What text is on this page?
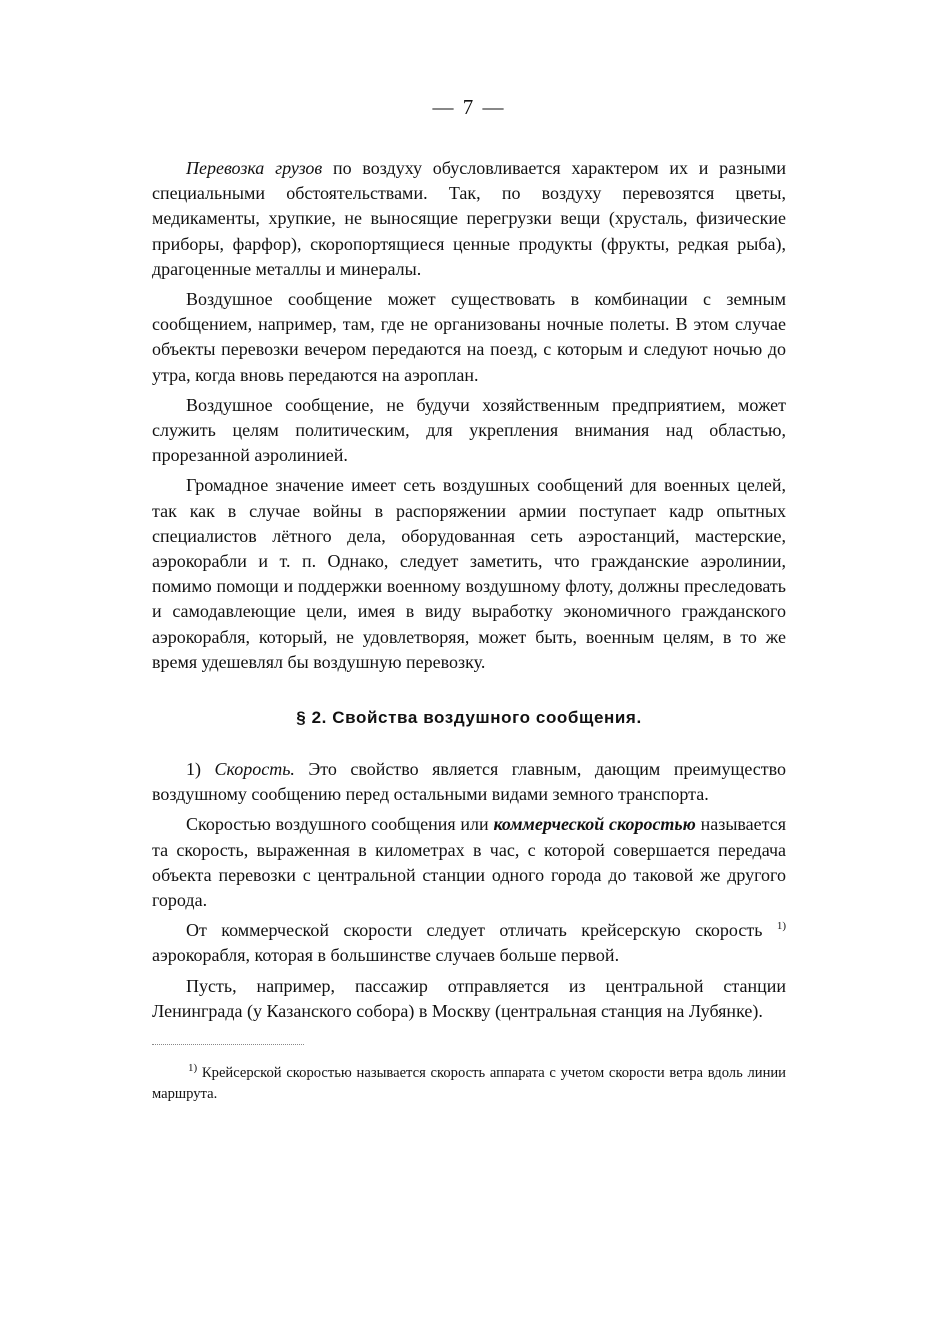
— 7 —

Перевозка грузов по воздуху обусловливается характером их и разными специальными обстоятельствами. Так, по воздуху перевозятся цветы, медикаменты, хрупкие, не выносящие перегрузки вещи (хрусталь, физические приборы, фарфор), скоропортящиеся ценные продукты (фрукты, редкая рыба), драгоценные металлы и минералы.

Воздушное сообщение может существовать в комбинации с земным сообщением, например, там, где не организованы ночные полеты. В этом случае объекты перевозки вечером передаются на поезд, с которым и следуют ночью до утра, когда вновь передаются на аэроплан.

Воздушное сообщение, не будучи хозяйственным предприятием, может служить целям политическим, для укрепления внимания над областью, прорезанной аэролинией.

Громадное значение имеет сеть воздушных сообщений для военных целей, так как в случае войны в распоряжении армии поступает кадр опытных специалистов лётного дела, оборудованная сеть аэростанций, мастерские, аэрокорабли и т. п. Однако, следует заметить, что гражданские аэролинии, помимо помощи и поддержки военному воздушному флоту, должны преследовать и самодавлеющие цели, имея в виду выработку экономичного гражданского аэрокорабля, который, не удовлетворяя, может быть, военным целям, в то же время удешевлял бы воздушную перевозку.

§ 2. Свойства воздушного сообщения.

1) Скорость. Это свойство является главным, дающим преимущество воздушному сообщению перед остальными видами земного транспорта.

Скоростью воздушного сообщения или коммерческой скоростью называется та скорость, выраженная в километрах в час, с которой совершается передача объекта перевозки с центральной станции одного города до таковой же другого города.

От коммерческой скорости следует отличать крейсерскую скорость $^{1)}$ аэрокорабля, которая в большинстве случаев больше первой.

Пусть, например, пассажир отправляется из центральной станции Ленинграда (у Казанского собора) в Москву (центральная станция на Лубянке).

$^{1)}$ Крейсерской скоростью называется скорость аппарата с учетом скорости ветра вдоль линии маршрута.
